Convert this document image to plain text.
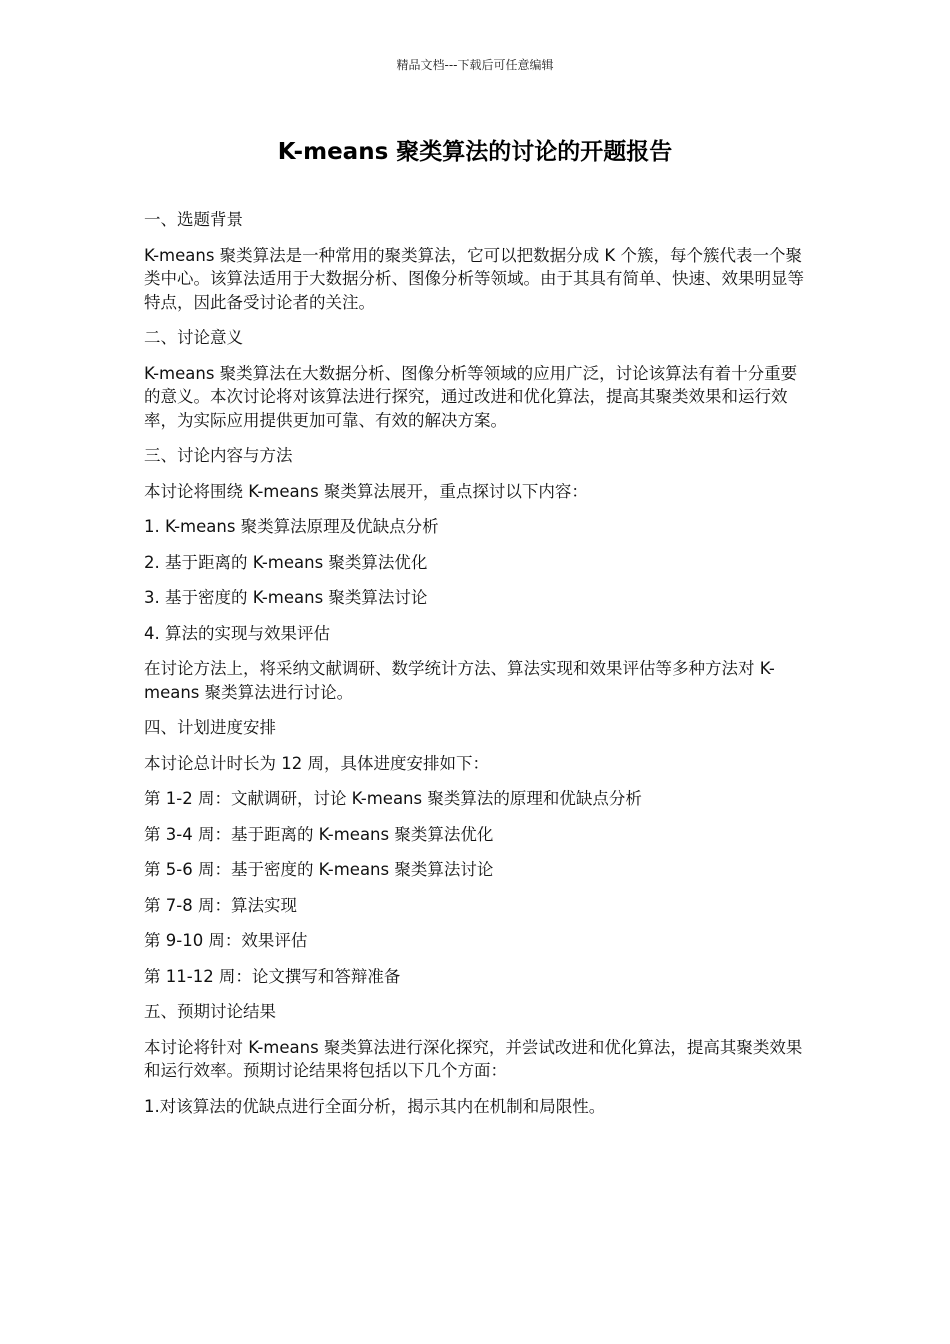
精品文档---下载后可任意编辑
K-means 聚类算法的讨论的开题报告

一、选题背景

K-means 聚类算法是一种常用的聚类算法，它可以把数据分成 K 个簇，每个簇代表一个聚类中心。该算法适用于大数据分析、图像分析等领域。由于其具有简单、快速、效果明显等特点，因此备受讨论者的关注。

二、讨论意义

K-means 聚类算法在大数据分析、图像分析等领域的应用广泛，讨论该算法有着十分重要的意义。本次讨论将对该算法进行探究，通过改进和优化算法，提高其聚类效果和运行效率，为实际应用提供更加可靠、有效的解决方案。

三、讨论内容与方法

本讨论将围绕 K-means 聚类算法展开，重点探讨以下内容：

1. K-means 聚类算法原理及优缺点分析

2. 基于距离的 K-means 聚类算法优化

3. 基于密度的 K-means 聚类算法讨论

4. 算法的实现与效果评估

在讨论方法上，将采纳文献调研、数学统计方法、算法实现和效果评估等多种方法对 K-means 聚类算法进行讨论。

四、计划进度安排

本讨论总计时长为 12 周，具体进度安排如下：

第 1-2 周：文献调研，讨论 K-means 聚类算法的原理和优缺点分析

第 3-4 周：基于距离的 K-means 聚类算法优化

第 5-6 周：基于密度的 K-means 聚类算法讨论

第 7-8 周：算法实现

第 9-10 周：效果评估

第 11-12 周：论文撰写和答辩准备

五、预期讨论结果

本讨论将针对 K-means 聚类算法进行深化探究，并尝试改进和优化算法，提高其聚类效果和运行效率。预期讨论结果将包括以下几个方面：

1.对该算法的优缺点进行全面分析，揭示其内在机制和局限性。
